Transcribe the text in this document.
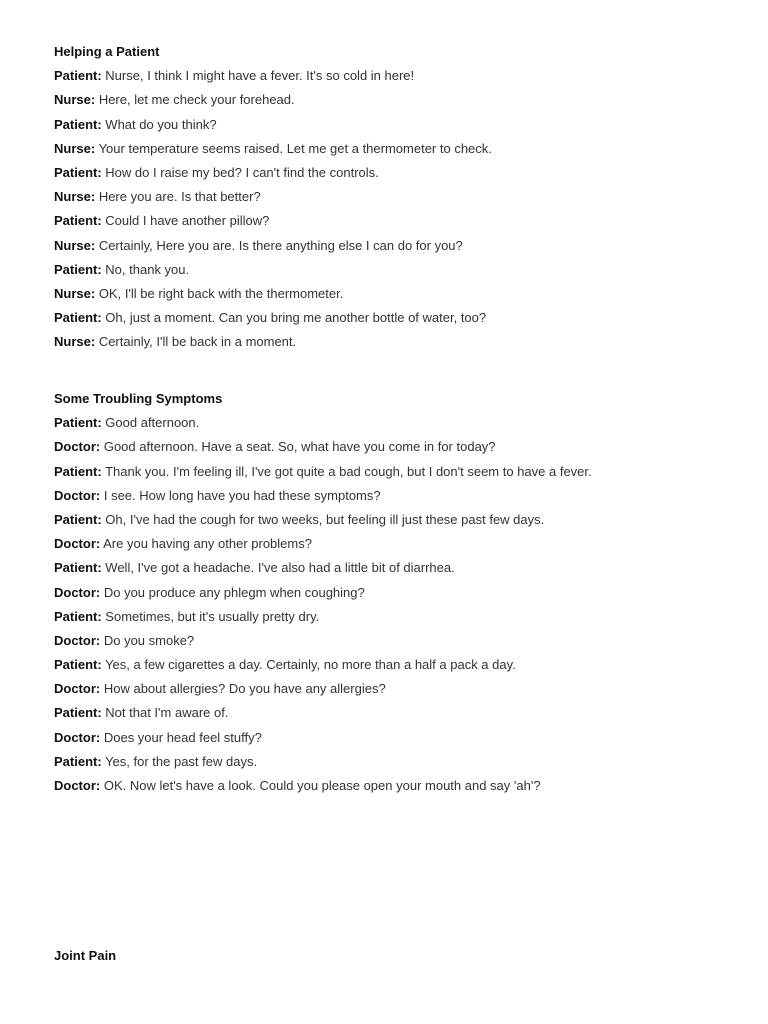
Helping a Patient
Patient: Nurse, I think I might have a fever. It's so cold in here!
Nurse: Here, let me check your forehead.
Patient: What do you think?
Nurse: Your temperature seems raised. Let me get a thermometer to check.
Patient: How do I raise my bed? I can't find the controls.
Nurse: Here you are. Is that better?
Patient: Could I have another pillow?
Nurse: Certainly, Here you are. Is there anything else I can do for you?
Patient: No, thank you.
Nurse: OK, I'll be right back with the thermometer.
Patient: Oh, just a moment. Can you bring me another bottle of water, too?
Nurse: Certainly, I'll be back in a moment.
Some Troubling Symptoms
Patient: Good afternoon.
Doctor: Good afternoon. Have a seat. So, what have you come in for today?
Patient: Thank you. I'm feeling ill, I've got quite a bad cough, but I don't seem to have a fever.
Doctor: I see. How long have you had these symptoms?
Patient: Oh, I've had the cough for two weeks, but feeling ill just these past few days.
Doctor: Are you having any other problems?
Patient: Well, I've got a headache. I've also had a little bit of diarrhea.
Doctor: Do you produce any phlegm when coughing?
Patient: Sometimes, but it's usually pretty dry.
Doctor: Do you smoke?
Patient: Yes, a few cigarettes a day. Certainly, no more than a half a pack a day.
Doctor: How about allergies? Do you have any allergies?
Patient: Not that I'm aware of.
Doctor: Does your head feel stuffy?
Patient: Yes, for the past few days.
Doctor: OK. Now let's have a look. Could you please open your mouth and say 'ah'?
Joint Pain
